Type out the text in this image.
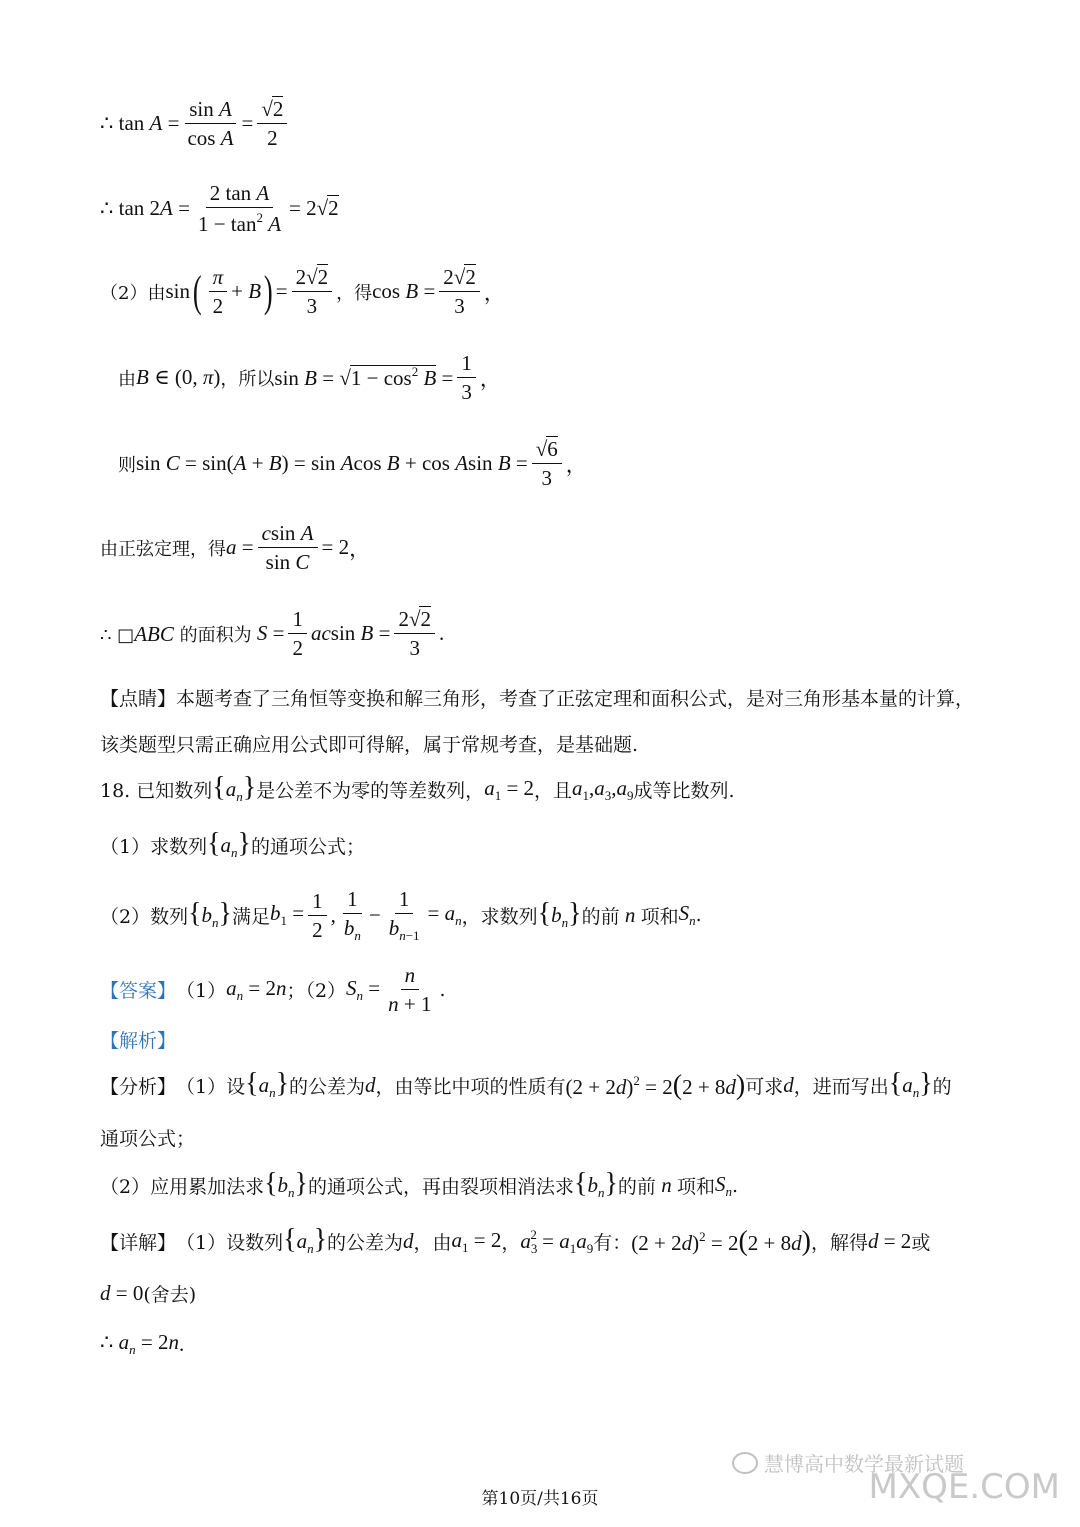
∴ $\tan A = \frac{\text{sin A}}{\text{cos A}} = \frac{√2}{2}$
∴ $\tan 2A = \frac{\text{2 tan A}}{1 - \tan^2 A} = 2√2$
（2）由 sin ( $\frac{\pi}{2} + B$ ) = $\frac{2√2}{3}$ ，得 $\cos B = \frac{2√2}{3}$ ，
由 B ∈ (0, π) ，所以 $\sin B = √1 - \cos^2 B = \frac{1}{3}$ ，
则 sin C = sin(A + B) = sin Acos B + cos Asin $B = \frac{√6}{3}$ ，
由正弦定理，得 $a = \frac{\text{csin A}}{\text{sin C}} = 2$ ，
∴ □ABC 的面积为 $S = \frac{1}{2}$ acsin $B = \frac{2√2}{3}$ .
【点睛】本题考查了三角恒等变换和解三角形，考查了正弦定理和面积公式，是对三角形基本量的计算，该类题型只需正确应用公式即可得解，属于常规考查，是基础题.
18. 已知数列 $\{a_n\}$ 是公差不为零的等差数列， $a_1 = 2$ ，且 $a_1,a_3,a_9$ 成等比数列.
（1）求数列 $\{a_n\}$ 的通项公式；
（2）数列 $\{b_n\}$ 满足 $b_1 = \frac{1}{2}$ , $\frac{1}{b_n} - \frac{1}{b_{n-1}} = a_n$ ，求数列 $\{b_n\}$ 的前 n 项和 $S_n$ .
【答案】 （1） $a_n = 2n$ ；（2） $S_n = \frac{n}{n + 1}$ .
【解析】
【分析】 （1）设 $\{a_n\}$ 的公差为 d ，由等比中项的性质有 $(2 + 2d)^2 = 2(2 + 8d)$ 可求 d ，进而写出 $\{a_n\}$ 的
通项公式；
（2）应用累加法求 $\{b_n\}$ 的通项公式，再由裂项相消法求 $\{b_n\}$ 的前 n 项和 $S_n$ .
【详解】 （1）设数列 $\{a_n\}$ 的公差为 d ，由 $a_1 = 2$ ， $a_3^2 = a_1a_9$ 有： $(2 + 2d)^2 = 2(2 + 8d)$ ，解得 d = 2 或
d = 0 (舍去)
∴ $a_n = 2n$ .
慧博高中数学最新试题
MXQE.COM
第10页/共16页
